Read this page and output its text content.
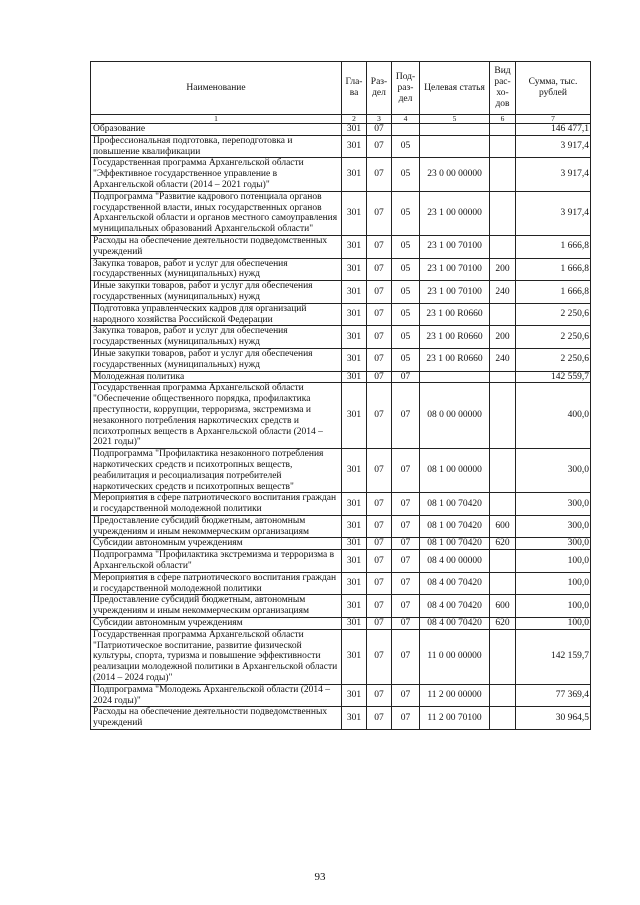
Наименование	Гла-ва	Раз-дел	Под-раз-дел	Целевая статья	Вид рас-хо-дов	Сумма, тыс. рублей
1	2	3	4	5	6	7
Образование	301	07				146 477,1
Профессиональная подготовка, переподготовка и повышение квалификации	301	07	05			3 917,4
Государственная программа Архангельской области "Эффективное государственное управление в Архангельской области (2014 – 2021 годы)"	301	07	05	23 0 00 00000		3 917,4
Подпрограмма "Развитие кадрового потенциала органов государственной власти, иных государственных органов Архангельской области и органов местного самоуправления муниципальных образований Архангельской области"	301	07	05	23 1 00 00000		3 917,4
Расходы на обеспечение деятельности подведомственных учреждений	301	07	05	23 1 00 70100		1 666,8
Закупка товаров, работ и услуг для обеспечения государственных (муниципальных) нужд	301	07	05	23 1 00 70100	200	1 666,8
Иные закупки товаров, работ и услуг для обеспечения государственных (муниципальных) нужд	301	07	05	23 1 00 70100	240	1 666,8
Подготовка управленческих кадров для организаций народного хозяйства Российской Федерации	301	07	05	23 1 00 R0660		2 250,6
Закупка товаров, работ и услуг для обеспечения государственных (муниципальных) нужд	301	07	05	23 1 00 R0660	200	2 250,6
Иные закупки товаров, работ и услуг для обеспечения государственных (муниципальных) нужд	301	07	05	23 1 00 R0660	240	2 250,6
Молодежная политика	301	07	07			142 559,7
Государственная программа Архангельской области "Обеспечение общественного порядка, профилактика преступности, коррупции, терроризма, экстремизма и незаконного потребления наркотических средств и психотропных веществ в Архангельской области (2014 – 2021 годы)"	301	07	07	08 0 00 00000		400,0
Подпрограмма "Профилактика незаконного потребления наркотических средств и психотропных веществ, реабилитация и ресоциализация потребителей наркотических средств и психотропных веществ"	301	07	07	08 1 00 00000		300,0
Мероприятия в сфере патриотического воспитания граждан и государственной молодежной политики	301	07	07	08 1 00 70420		300,0
Предоставление субсидий бюджетным, автономным учреждениям и иным некоммерческим организациям	301	07	07	08 1 00 70420	600	300,0
Субсидии автономным учреждениям	301	07	07	08 1 00 70420	620	300,0
Подпрограмма "Профилактика экстремизма и терроризма в Архангельской области"	301	07	07	08 4 00 00000		100,0
Мероприятия в сфере патриотического воспитания граждан и государственной молодежной политики	301	07	07	08 4 00 70420		100,0
Предоставление субсидий бюджетным, автономным учреждениям и иным некоммерческим организациям	301	07	07	08 4 00 70420	600	100,0
Субсидии автономным учреждениям	301	07	07	08 4 00 70420	620	100,0
Государственная программа Архангельской области "Патриотическое воспитание, развитие физической культуры, спорта, туризма и повышение эффективности реализации молодежной политики в Архангельской области (2014 – 2024 годы)"	301	07	07	11 0 00 00000		142 159,7
Подпрограмма "Молодежь Архангельской области (2014 – 2024 годы)"	301	07	07	11 2 00 00000		77 369,4
Расходы на обеспечение деятельности подведомственных учреждений	301	07	07	11 2 00 70100		30 964,5
93
